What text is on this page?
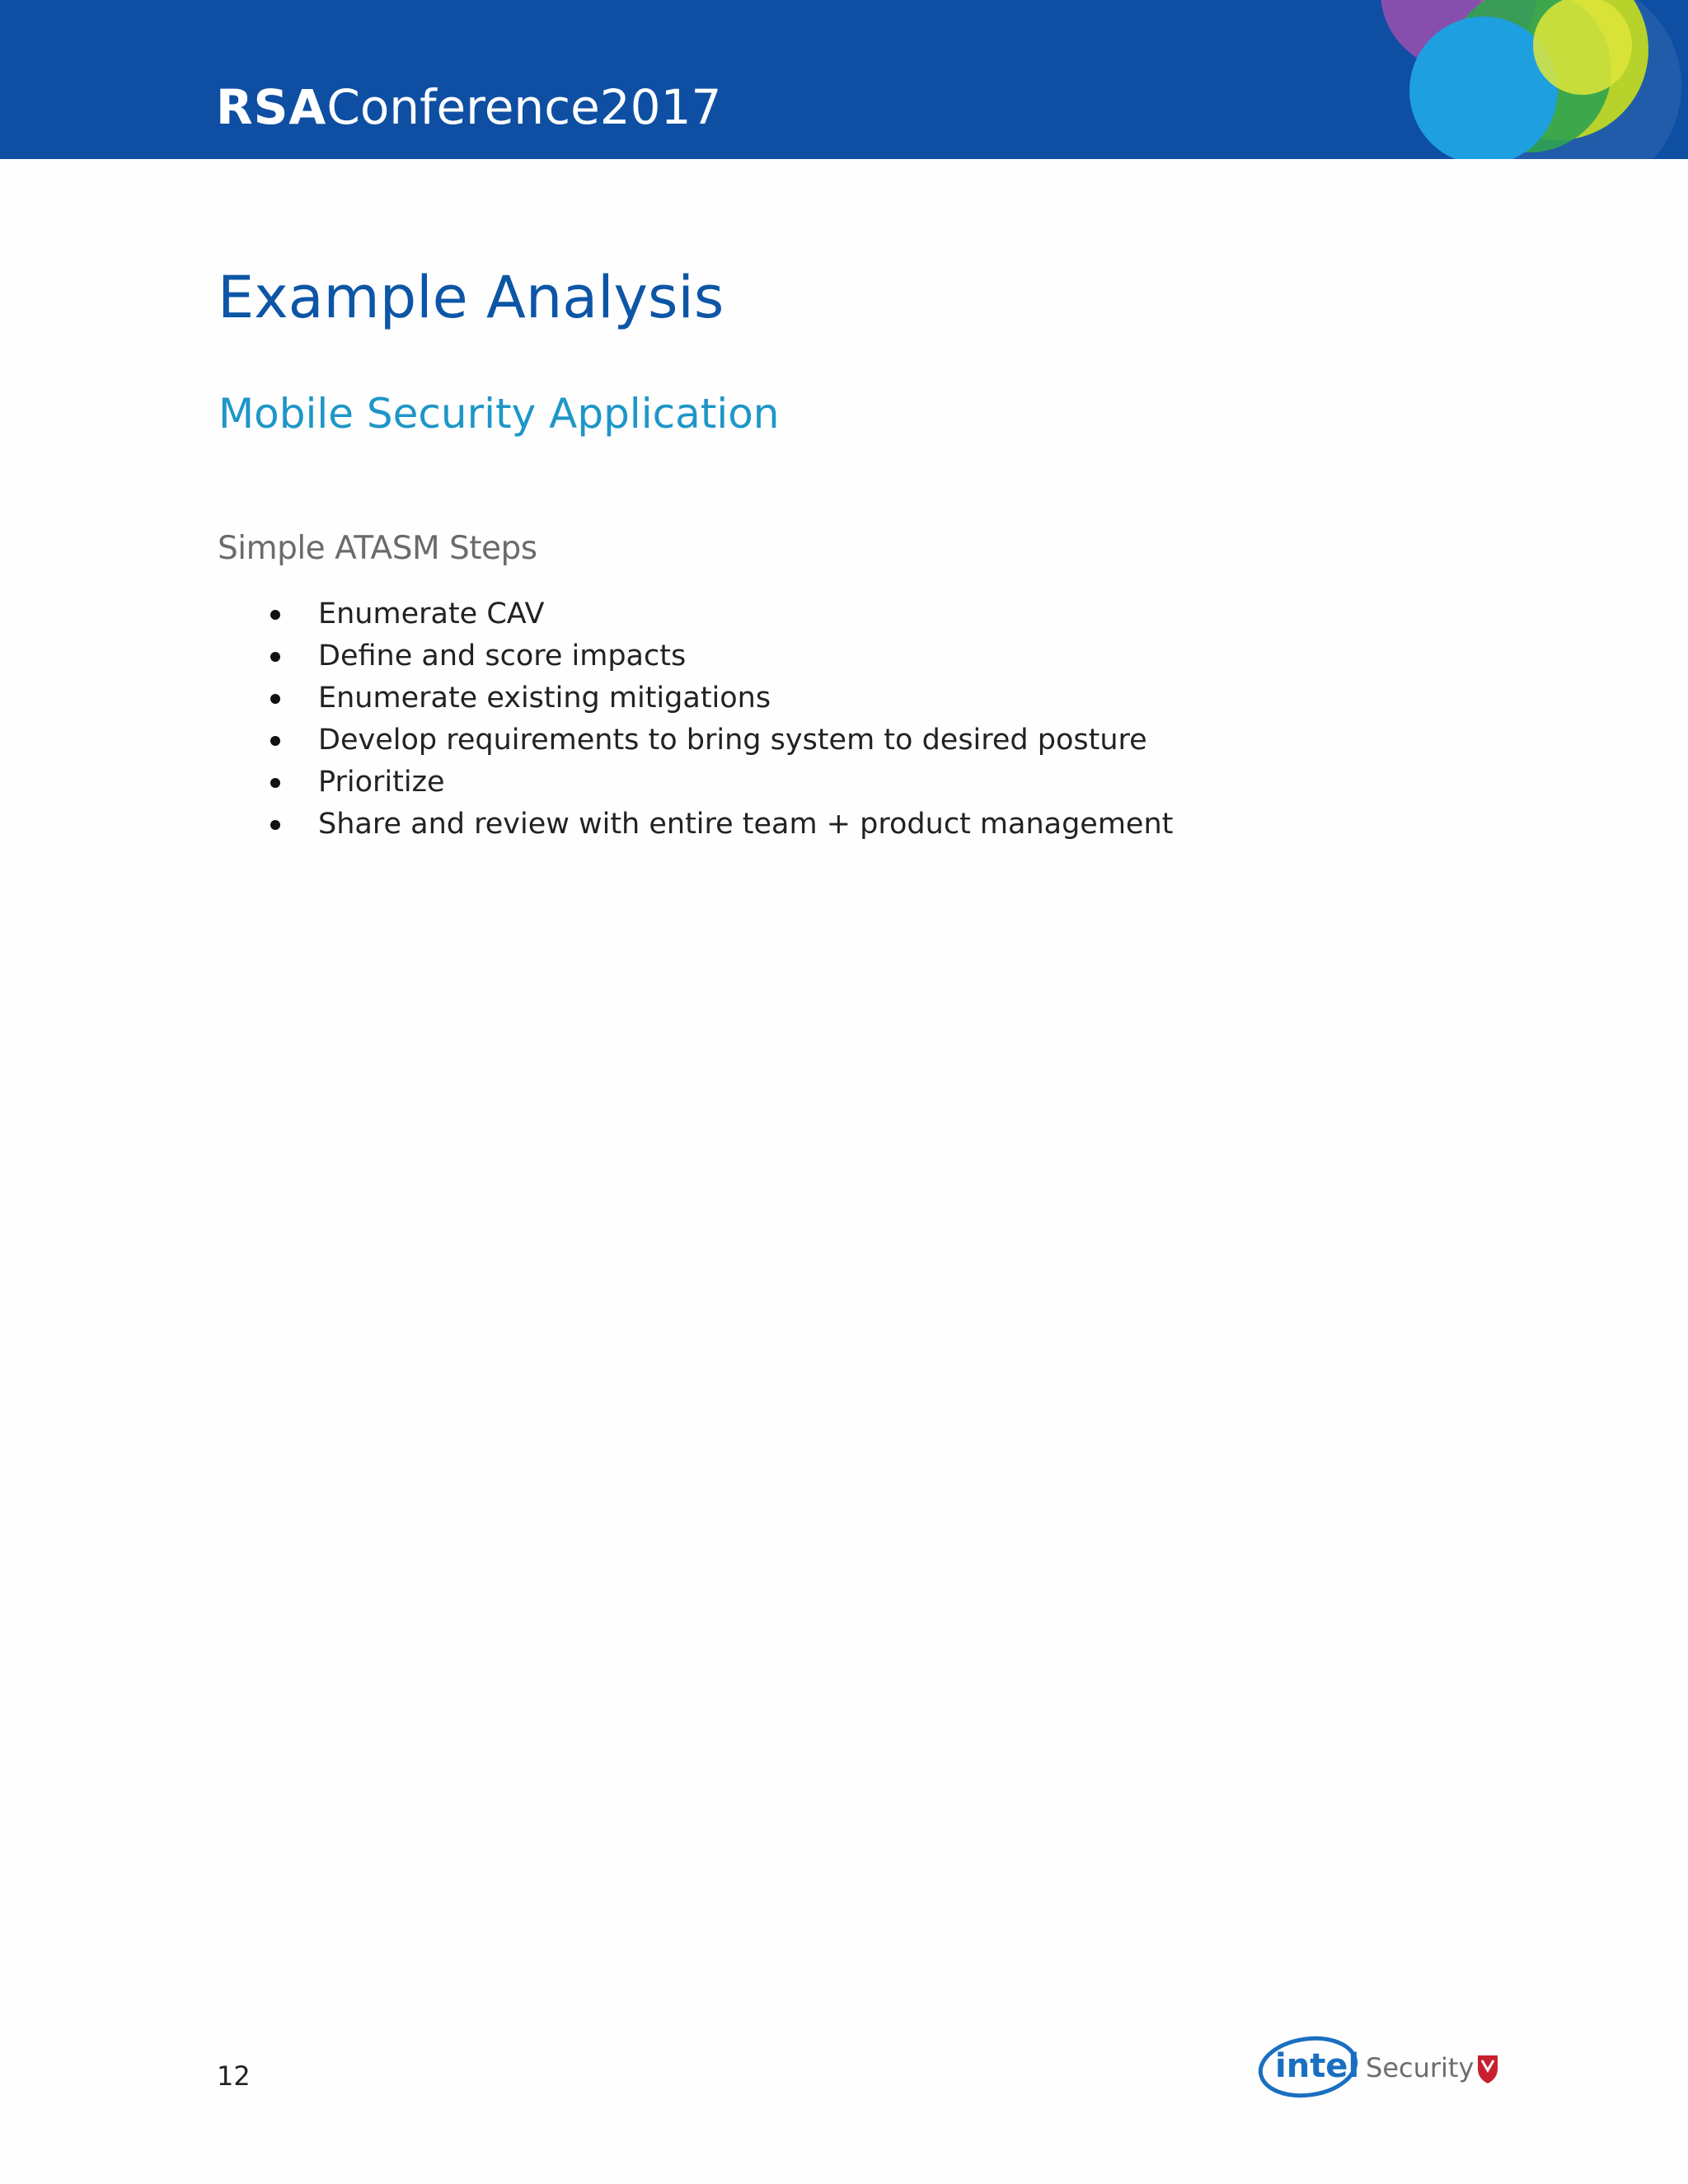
RSA Conference2017
Example Analysis
Mobile Security Application
Simple ATASM Steps
Enumerate CAV
Define and score impacts
Enumerate existing mitigations
Develop requirements to bring system to desired posture
Prioritize
Share and review with entire team + product management
12	intel Security
